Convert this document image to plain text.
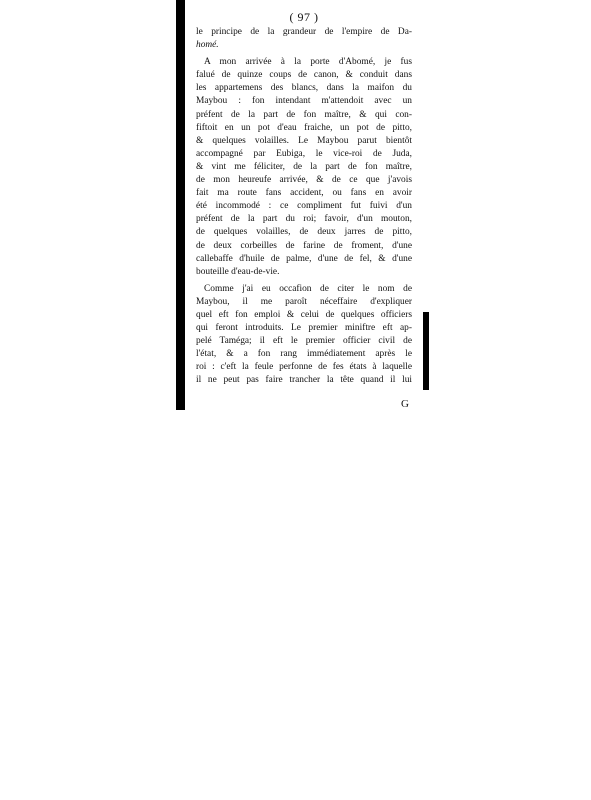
( 97 )
le principe de la grandeur de l'empire de Da-
homé.
A mon arrivée à la porte d'Abomé, je fus
falué de quinze coups de canon, & conduit dans
les appartemens des blancs, dans la maifon du
Maybou : fon intendant m'attendoit avec un
préfent de la part de fon maître, & qui con-
fiftoit en un pot d'eau fraiche, un pot de pitto,
& quelques volailles. Le Maybou parut bientôt
accompagné par Eubiga, le vice-roi de Juda,
& vint me féliciter, de la part de fon maître,
de mon heureufe arrivée, & de ce que j'avois
fait ma route fans accident, ou fans en avoir
été incommodé : ce compliment fut fuivi d'un
préfent de la part du roi; favoir, d'un mouton,
de quelques volailles, de deux jarres de pitto,
de deux corbeilles de farine de froment, d'une
callebaffe d'huile de palme, d'une de fel, & d'une
bouteille d'eau-de-vie.
Comme j'ai eu occafion de citer le nom de
Maybou, il me paroît néceffaire d'expliquer
quel eft fon emploi & celui de quelques officiers
qui feront introduits. Le premier miniftre eft ap-
pelé Taméga; il eft le premier officier civil de
l'état, & a fon rang immédiatement après le
roi : c'eft la feule perfonne de fes états à laquelle
il ne peut pas faire trancher la tête quand il lui
G
